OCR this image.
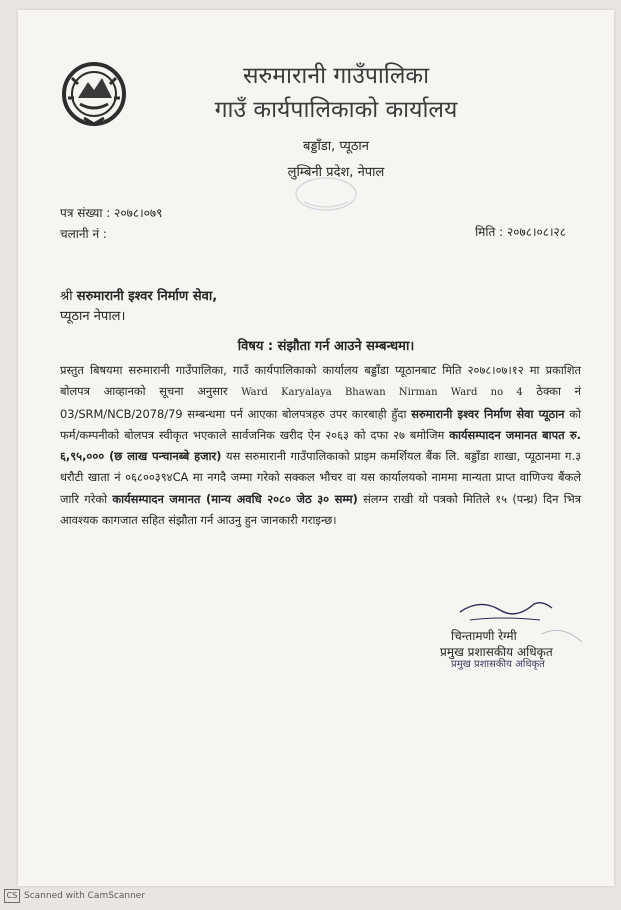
सरुमारानी गाउँपालिका
गाउँ कार्यपालिकाको कार्यालय
बड्डाँडा, प्यूठान
लुम्बिनी प्रदेश, नेपाल
पत्र संख्या : २०७८।०७९
चलानी नं :	मिति : २०७८।०८।२८
श्री सरुमारानी इश्वर निर्माण सेवा,
प्यूठान नेपाल।
विषय : संझौता गर्न आउने सम्बन्धमा।
प्रस्तुत बिषयमा सरुमारानी गाउँपालिका, गाउँ कार्यपालिकाको कार्यालय बड्डाँडा प्यूठानबाट मिति २०७८।०७।१२ मा प्रकाशित बोलपत्र आव्हानको सूचना अनुसार Ward Karyalaya Bhawan Nirman Ward no 4 ठेक्का नं 03/SRM/NCB/2078/79 सम्बन्धमा पर्न आएका बोलपत्रहरु उपर कारबाही हुँदा सरुमारानी इश्वर निर्माण सेवा प्यूठान को फर्म/कम्पनीको बोलपत्र स्वीकृत भएकाले सार्वजनिक खरीद ऐन २०६३ को दफा २७ बमोजिम कार्यसम्पादन जमानत बापत रु. ६,९५,००० (छ लाख पन्चानब्बे हजार) यस सरुमारानी गाउँपालिकाको प्राइम कमर्शियल बैंक लि. बड्डाँडा शाखा, प्यूठानमा ग.३ धरौटी खाता नं ०६८००३९४CA मा नगदै जम्मा गरेको सक्कल भौचर वा यस कार्यालयको नाममा मान्यता प्राप्त वाणिज्य बैंकले जारि गरेको कार्यसम्पादन जमानत (मान्य अवधि २०८० जेठ ३० सम्म) संलग्न राखी यो पत्रको मितिले १५ (पन्ध्र) दिन भित्र आवश्यक कागजात सहित संझौता गर्न आउनु हुन जानकारी गराइन्छ।
चिन्तामणी रेग्मी
प्रमुख प्रशासकीय अधिकृत
प्रमुख प्रशासकीय अधिकृत
CS Scanned with CamScanner
